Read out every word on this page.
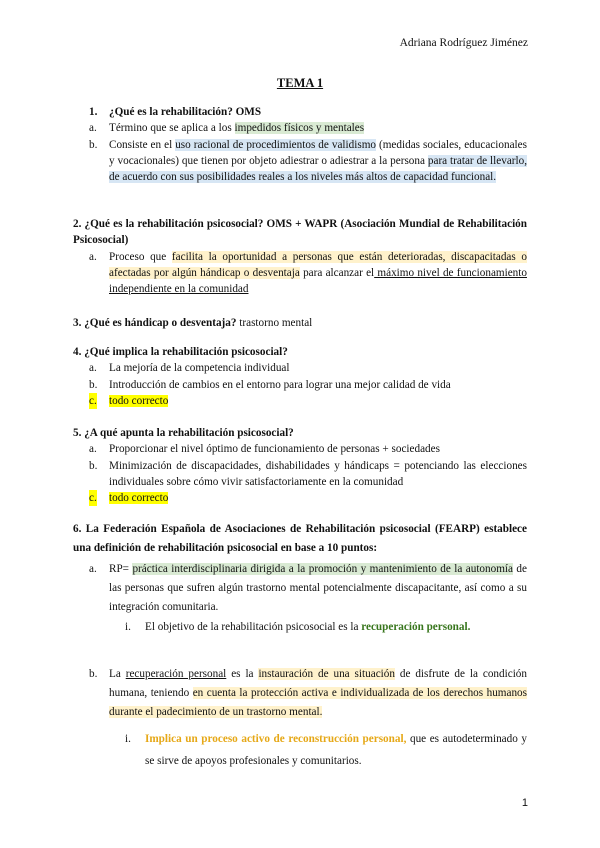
Adriana Rodríguez Jiménez
TEMA 1
1. ¿Qué es la rehabilitación? OMS
a. Término que se aplica a los impedidos físicos y mentales
b. Consiste en el uso racional de procedimientos de validismo (medidas sociales, educacionales y vocacionales) que tienen por objeto adiestrar o adiestrar a la persona para tratar de llevarlo, de acuerdo con sus posibilidades reales a los niveles más altos de capacidad funcional.
2. ¿Qué es la rehabilitación psicosocial? OMS + WAPR (Asociación Mundial de Rehabilitación Psicosocial)
a. Proceso que facilita la oportunidad a personas que están deterioradas, discapacitadas o afectadas por algún hándicap o desventaja para alcanzar el máximo nivel de funcionamiento independiente en la comunidad
3. ¿Qué es hándicap o desventaja? trastorno mental
4. ¿Qué implica la rehabilitación psicosocial?
a. La mejoría de la competencia individual
b. Introducción de cambios en el entorno para lograr una mejor calidad de vida
c. todo correcto
5. ¿A qué apunta la rehabilitación psicosocial?
a. Proporcionar el nivel óptimo de funcionamiento de personas + sociedades
b. Minimización de discapacidades, dishabilidades y hándicaps = potenciando las elecciones individuales sobre cómo vivir satisfactoriamente en la comunidad
c. todo correcto
6. La Federación Española de Asociaciones de Rehabilitación psicosocial (FEARP) establece una definición de rehabilitación psicosocial en base a 10 puntos:
a. RP= práctica interdisciplinaria dirigida a la promoción y mantenimiento de la autonomía de las personas que sufren algún trastorno mental potencialmente discapacitante, así como a su integración comunitaria.
i. El objetivo de la rehabilitación psicosocial es la recuperación personal.
b. La recuperación personal es la instauración de una situación de disfrute de la condición humana, teniendo en cuenta la protección activa e individualizada de los derechos humanos durante el padecimiento de un trastorno mental.
i. Implica un proceso activo de reconstrucción personal, que es autodeterminado y se sirve de apoyos profesionales y comunitarios.
1
